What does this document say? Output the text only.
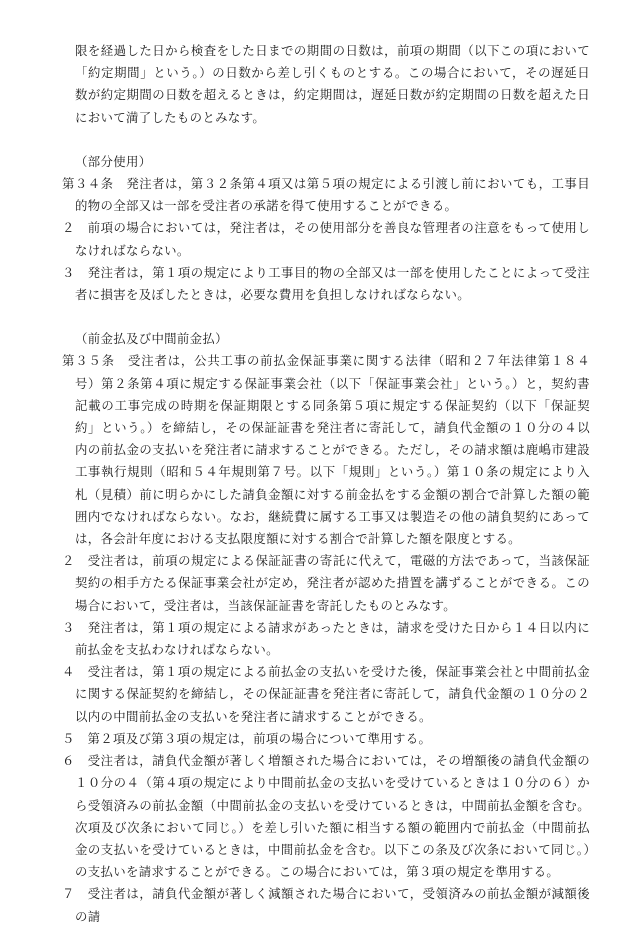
限を経過した日から検査をした日までの期間の日数は，前項の期間（以下この項において「約定期間」という。）の日数から差し引くものとする。この場合において，その遅延日数が約定期間の日数を超えるときは，約定期間は，遅延日数が約定期間の日数を超えた日において満了したものとみなす。

（部分使用）

第３４条　発注者は，第３２条第４項又は第５項の規定による引渡し前においても，工事目的物の全部又は一部を受注者の承諾を得て使用することができる。

２　前項の場合においては，発注者は，その使用部分を善良な管理者の注意をもって使用しなければならない。

３　発注者は，第１項の規定により工事目的物の全部又は一部を使用したことによって受注者に損害を及ぼしたときは，必要な費用を負担しなければならない。

（前金払及び中間前金払）

第３５条　受注者は，公共工事の前払金保証事業に関する法律（昭和２７年法律第１８４号）第２条第４項に規定する保証事業会社（以下「保証事業会社」という。）と，契約書記載の工事完成の時期を保証期限とする同条第５項に規定する保証契約（以下「保証契約」という。）を締結し，その保証証書を発注者に寄託して，請負代金額の１０分の４以内の前払金の支払いを発注者に請求することができる。ただし，その請求額は鹿嶋市建設工事執行規則（昭和５４年規則第７号。以下「規則」という。）第１０条の規定により入札（見積）前に明らかにした請負金額に対する前金払をする金額の割合で計算した額の範囲内でなければならない。なお，継続費に属する工事又は製造その他の請負契約にあっては，各会計年度における支払限度額に対する割合で計算した額を限度とする。

２　受注者は，前項の規定による保証証書の寄託に代えて，電磁的方法であって，当該保証契約の相手方たる保証事業会社が定め，発注者が認めた措置を講ずることができる。この場合において，受注者は，当該保証証書を寄託したものとみなす。

３　発注者は，第１項の規定による請求があったときは，請求を受けた日から１４日以内に前払金を支払わなければならない。

４　受注者は，第１項の規定による前払金の支払いを受けた後，保証事業会社と中間前払金に関する保証契約を締結し，その保証証書を発注者に寄託して，請負代金額の１０分の２以内の中間前払金の支払いを発注者に請求することができる。

５　第２項及び第３項の規定は，前項の場合について準用する。

６　受注者は，請負代金額が著しく増額された場合においては，その増額後の請負代金額の１０分の４（第４項の規定により中間前払金の支払いを受けているときは１０分の６）から受領済みの前払金額（中間前払金の支払いを受けているときは，中間前払金額を含む。次項及び次条において同じ。）を差し引いた額に相当する額の範囲内で前払金（中間前払金の支払いを受けているときは，中間前払金を含む。以下この条及び次条において同じ。）の支払いを請求することができる。この場合においては，第３項の規定を準用する。

７　受注者は，請負代金額が著しく減額された場合において，受領済みの前払金額が減額後の請
